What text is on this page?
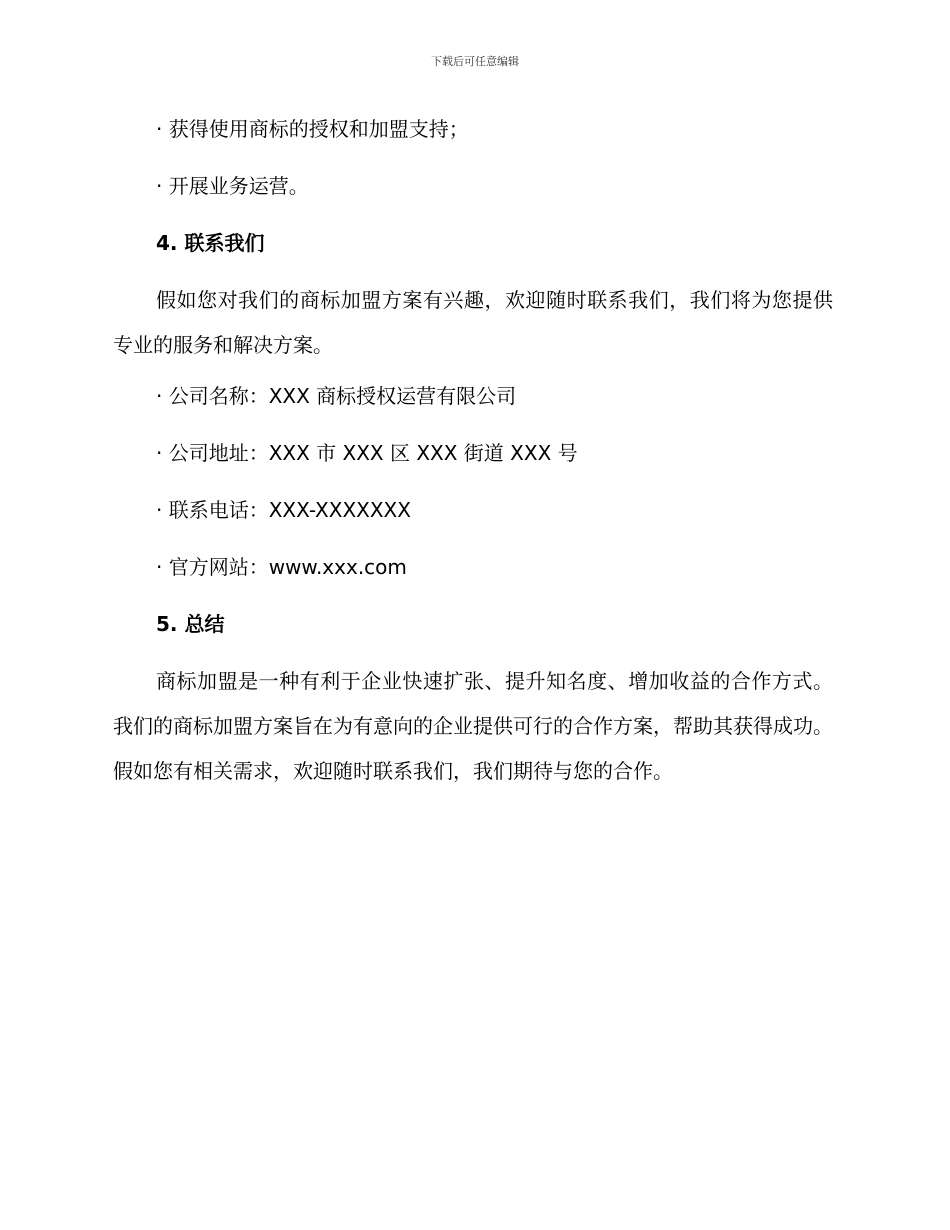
下载后可任意编辑

· 获得使用商标的授权和加盟支持；

· 开展业务运营。

4. 联系我们

假如您对我们的商标加盟方案有兴趣，欢迎随时联系我们，我们将为您提供专业的服务和解决方案。

· 公司名称：XXX 商标授权运营有限公司

· 公司地址：XXX 市 XXX 区 XXX 街道 XXX 号

· 联系电话：XXX-XXXXXXX

· 官方网站：www.xxx.com

5. 总结

商标加盟是一种有利于企业快速扩张、提升知名度、增加收益的合作方式。我们的商标加盟方案旨在为有意向的企业提供可行的合作方案，帮助其获得成功。假如您有相关需求，欢迎随时联系我们，我们期待与您的合作。
